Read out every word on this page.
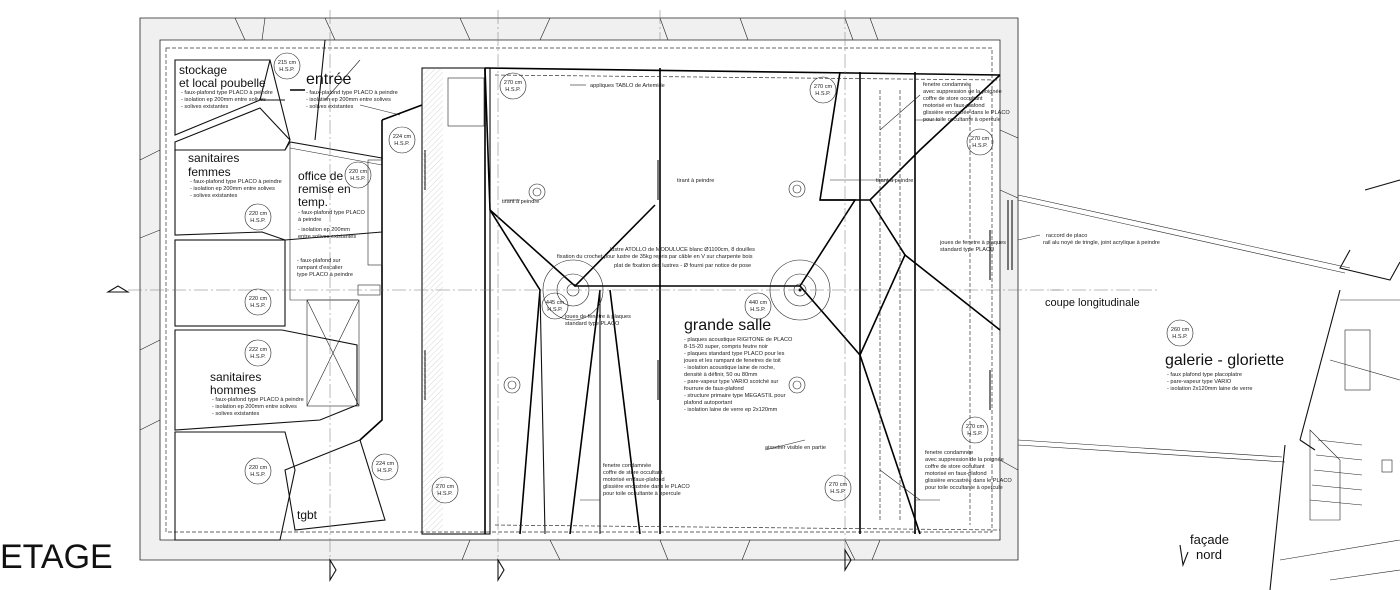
ETAGE
stockage
et local poubelle
- faux-plafond type PLACO à peindre
- isolation ep 200mm entre solives
- solives existantes
entrée
- faux-plafond type PLACO à peindre
- isolation ep 200mm entre solives
- solives existantes
sanitaires
femmes
- faux-plafond type PLACO à peindre
- isolation ep 200mm entre solives
- solives existantes
office de
remise en
temp.
- faux-plafond type PLACO
à peindre
- isolation ep 200mm
entre solives existantes
- faux-plafond sur
rampant d'escalier
type PLACO à peindre
sanitaires
hommes
- faux-plafond type PLACO à peindre
- isolation ep 200mm entre solives
- solives existantes
tgbt
grande salle
- plaques acoustique RIGITONE de PLACO
8-15-20 super, compris feutre noir
- plaques standard type PLACO pour les
joues et les rampant de fenetres de toit
- isolation acoustique laine de roche,
densité à définir, 50 ou 80mm
- pare-vapeur type VARIO scotché sur
fourrure de faux-plafond
- structure primaire type MEGASTIL pour
plafond autoportant
- isolation laine de verre ep 2x120mm
galerie - gloriette
- faux plafond type placoplatre
- pare-vapeur type VARIO
- isolation 2x120mm laine de verre
coupe longitudinale
façade
nord
appliques TABLO de Artemide
tirant à peindre
tirant à peindre	tirant à peindre
lustre ATOLLO de MODULUCE blanc Ø1100cm, 8 douilles
fixation du crochet pour lustre de 35kg repris par câble en V sur charpente bois
plat de fixation des lustres - Ø fourni par notice de pose
joues de fenetre à plaques
standard type PLACO
joues de fenetre à plaques
standard type PLACO
raccord de placo
rail alu noyé de tringle, joint acrylique à peindre
aisselier visible en partie
fenetre condamnée
avec suppression de la poignée
coffre de store occultant
motorisé en faux-plafond
glissière encastrée dans le PLACO
pour toile occultante à opercule
fenetre condamnée
coffre de store occultant
motorisé en faux-plafond
glissière encastrée dans le PLACO
pour toile occultante à opercule
fenetre condamnée
avec suppression de la poignée
coffre de store occultant
motorisé en faux-plafond
glissière encastrée dans le PLACO
pour toile occultante à opercule
215 cm
H.S.P.
224 cm
H.S.P.
220 cm
H.S.P.
220 cm
H.S.P.
220 cm
H.S.P.
222 cm
H.S.P.
220 cm
H.S.P.
224 cm
H.S.P.
270 cm
H.S.P.	270 cm
H.S.P.
270 cm
H.S.P.
445 cm
H.S.P.
440 cm
H.S.P.
270 cm
H.S.P.
270 cm
H.S.P.
270 cm
H.S.P.
260 cm
H.S.P.
